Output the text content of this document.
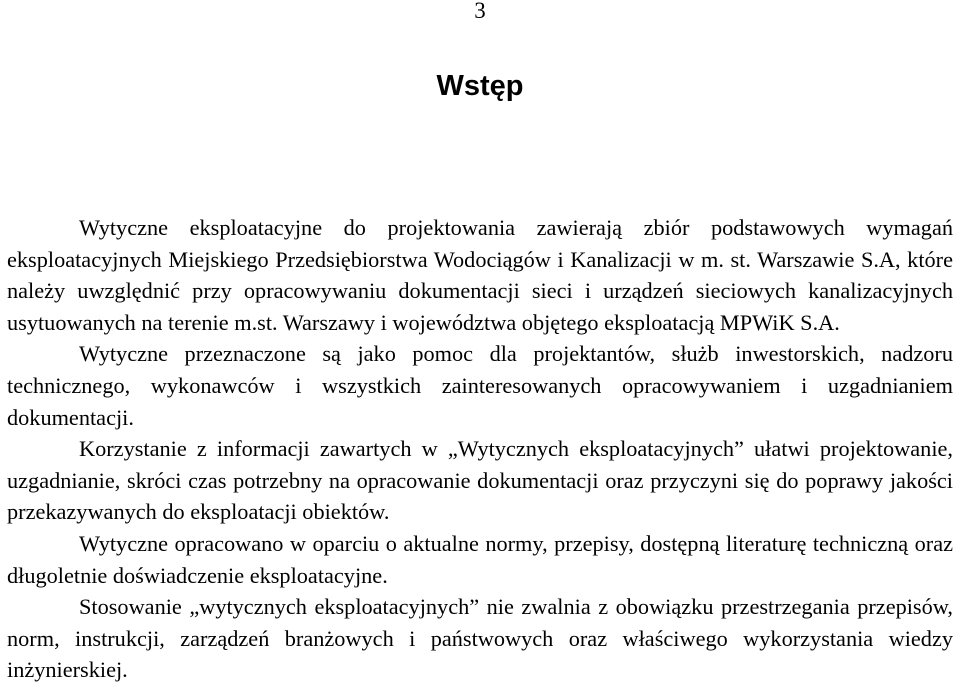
3
Wstęp

Wytyczne eksploatacyjne do projektowania zawierają zbiór podstawowych wymagań eksploatacyjnych Miejskiego Przedsiębiorstwa Wodociągów i Kanalizacji w m. st. Warszawie S.A, które należy uwzględnić przy opracowywaniu dokumentacji sieci i urządzeń sieciowych kanalizacyjnych usytuowanych na terenie m.st. Warszawy i województwa objętego eksploatacją MPWiK S.A.

Wytyczne przeznaczone są jako pomoc dla projektantów, służb inwestorskich, nadzoru technicznego, wykonawców i wszystkich zainteresowanych opracowywaniem i uzgadnianiem dokumentacji.

Korzystanie z informacji zawartych w „Wytycznych eksploatacyjnych” ułatwi projektowanie, uzgadnianie, skróci czas potrzebny na opracowanie dokumentacji oraz przyczyni się do poprawy jakości przekazywanych do eksploatacji obiektów.

Wytyczne opracowano w oparciu o aktualne normy, przepisy, dostępną literaturę techniczną oraz długoletnie doświadczenie eksploatacyjne.

Stosowanie „wytycznych eksploatacyjnych” nie zwalnia z obowiązku przestrzegania przepisów, norm, instrukcji, zarządzeń branżowych i państwowych oraz właściwego wykorzystania wiedzy inżynierskiej.
